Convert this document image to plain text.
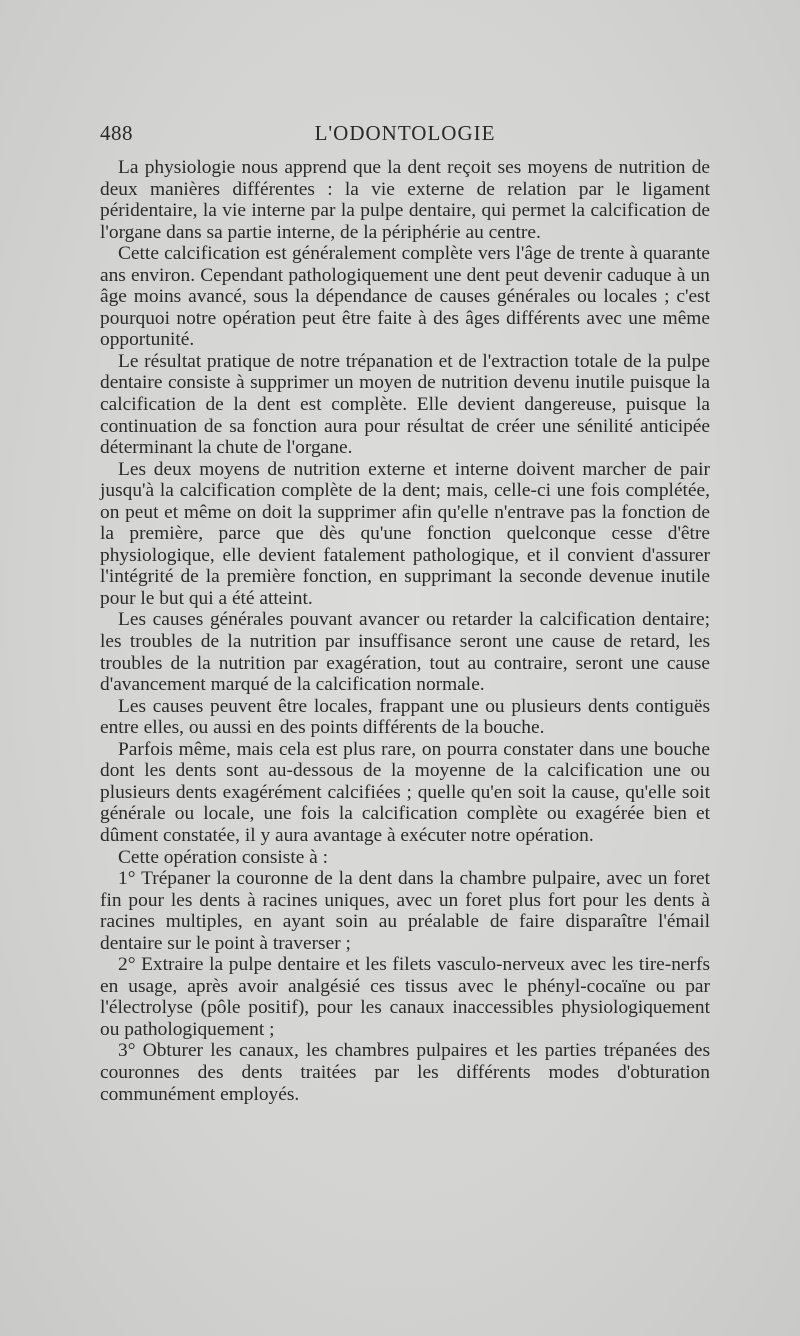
488	L'ODONTOLOGIE

La physiologie nous apprend que la dent reçoit ses moyens de nutrition de deux manières différentes : la vie externe de relation par le ligament péridentaire, la vie interne par la pulpe dentaire, qui permet la calcification de l'organe dans sa partie interne, de la périphérie au centre.

Cette calcification est généralement complète vers l'âge de trente à quarante ans environ. Cependant pathologiquement une dent peut devenir caduque à un âge moins avancé, sous la dépendance de causes générales ou locales ; c'est pourquoi notre opération peut être faite à des âges différents avec une même opportunité.

Le résultat pratique de notre trépanation et de l'extraction totale de la pulpe dentaire consiste à supprimer un moyen de nutrition devenu inutile puisque la calcification de la dent est complète. Elle devient dangereuse, puisque la continuation de sa fonction aura pour résultat de créer une sénilité anticipée déterminant la chute de l'organe.

Les deux moyens de nutrition externe et interne doivent marcher de pair jusqu'à la calcification complète de la dent; mais, celle-ci une fois complétée, on peut et même on doit la supprimer afin qu'elle n'entrave pas la fonction de la première, parce que dès qu'une fonction quelconque cesse d'être physiologique, elle devient fatalement pathologique, et il convient d'assurer l'intégrité de la première fonction, en supprimant la seconde devenue inutile pour le but qui a été atteint.

Les causes générales pouvant avancer ou retarder la calcification dentaire; les troubles de la nutrition par insuffisance seront une cause de retard, les troubles de la nutrition par exagération, tout au contraire, seront une cause d'avancement marqué de la calcification normale.

Les causes peuvent être locales, frappant une ou plusieurs dents contiguës entre elles, ou aussi en des points différents de la bouche.

Parfois même, mais cela est plus rare, on pourra constater dans une bouche dont les dents sont au-dessous de la moyenne de la calcification une ou plusieurs dents exagérément calcifiées ; quelle qu'en soit la cause, qu'elle soit générale ou locale, une fois la calcification complète ou exagérée bien et dûment constatée, il y aura avantage à exécuter notre opération.

Cette opération consiste à :

1° Trépaner la couronne de la dent dans la chambre pulpaire, avec un foret fin pour les dents à racines uniques, avec un foret plus fort pour les dents à racines multiples, en ayant soin au préalable de faire disparaître l'émail dentaire sur le point à traverser ;

2° Extraire la pulpe dentaire et les filets vasculo-nerveux avec les tire-nerfs en usage, après avoir analgésié ces tissus avec le phényl-cocaïne ou par l'électrolyse (pôle positif), pour les canaux inaccessibles physiologiquement ou pathologiquement ;

3° Obturer les canaux, les chambres pulpaires et les parties trépanées des couronnes des dents traitées par les différents modes d'obturation communément employés.
